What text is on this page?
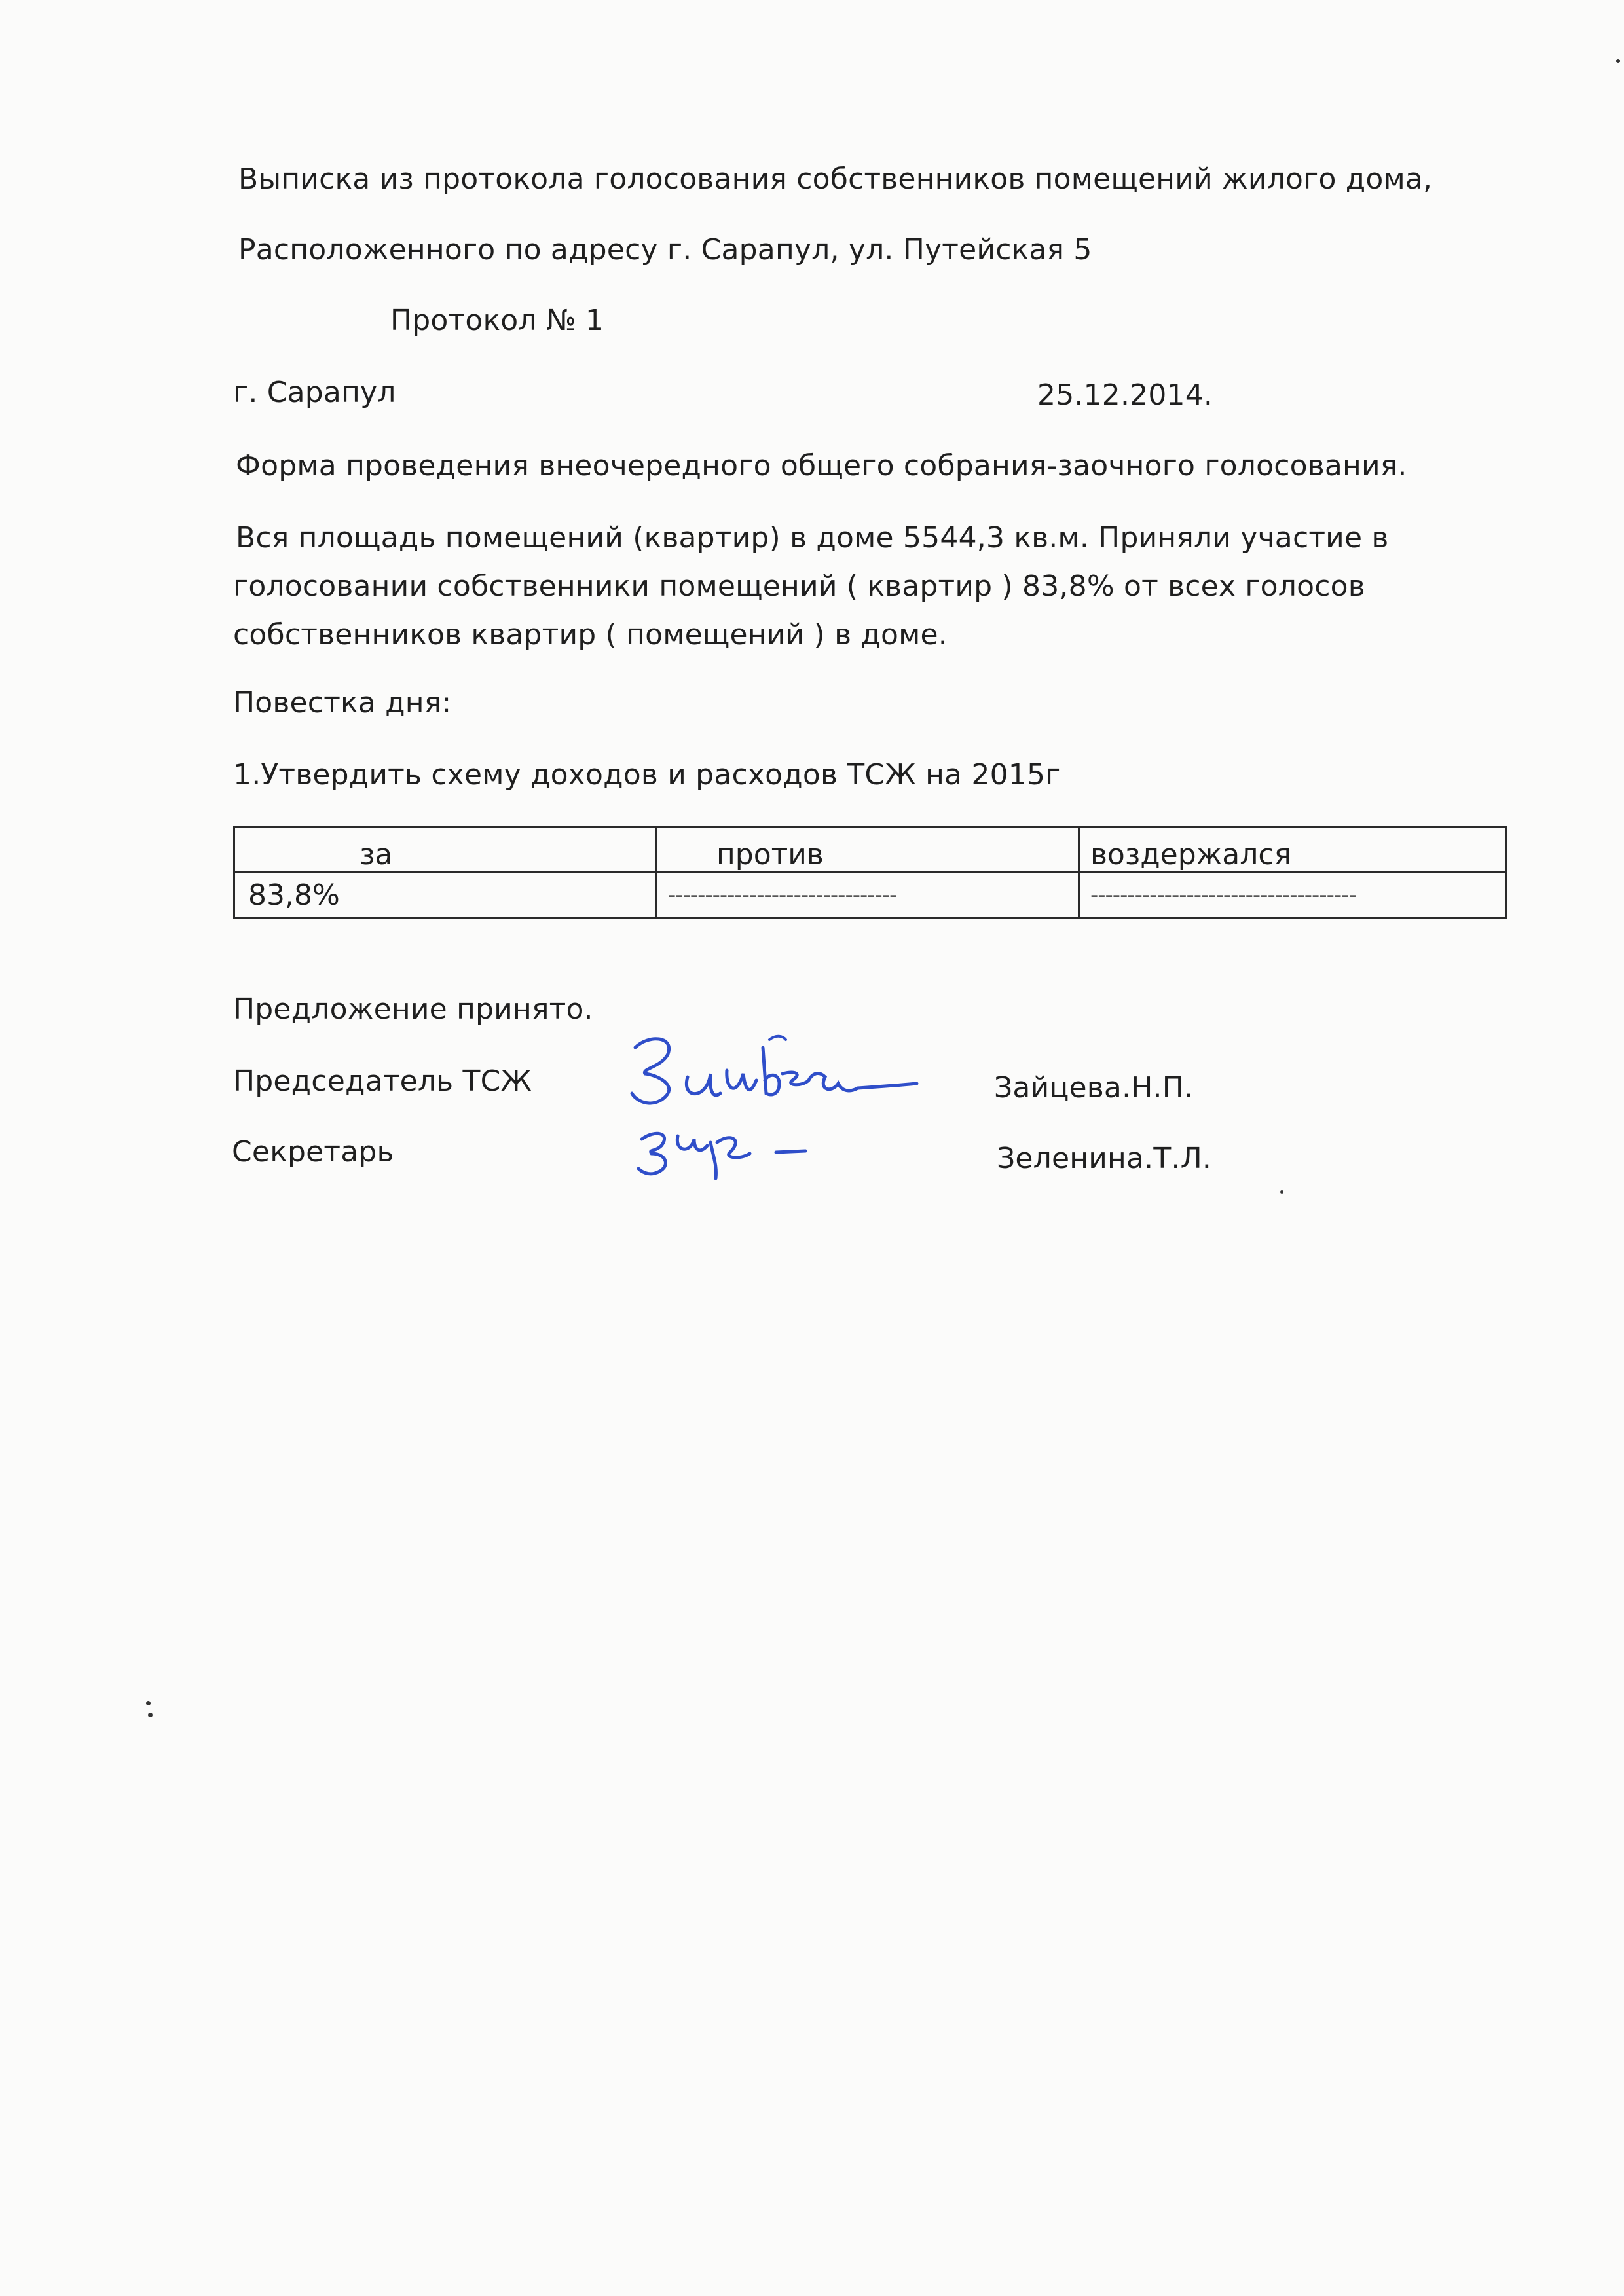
Выписка из протокола голосования собственников помещений жилого дома,
Расположенного по адресу г. Сарапул, ул. Путейская 5
Протокол № 1
г. Сарапул	25.12.2014.
Форма проведения внеочередного общего собрания-заочного голосования.
Вся площадь помещений (квартир) в доме 5544,3 кв.м. Приняли участие в
голосовании собственники помещений ( квартир ) 83,8% от всех голосов
собственников квартир ( помещений ) в доме.
Повестка дня:
1.Утвердить схему доходов и расходов ТСЖ на 2015г
за	против	воздержался
83,8%	-------------------------------	------------------------------------
Предложение принято.
Председатель ТСЖ	Зайцева.Н.П.
Секретарь	Зеленина.Т.Л.
